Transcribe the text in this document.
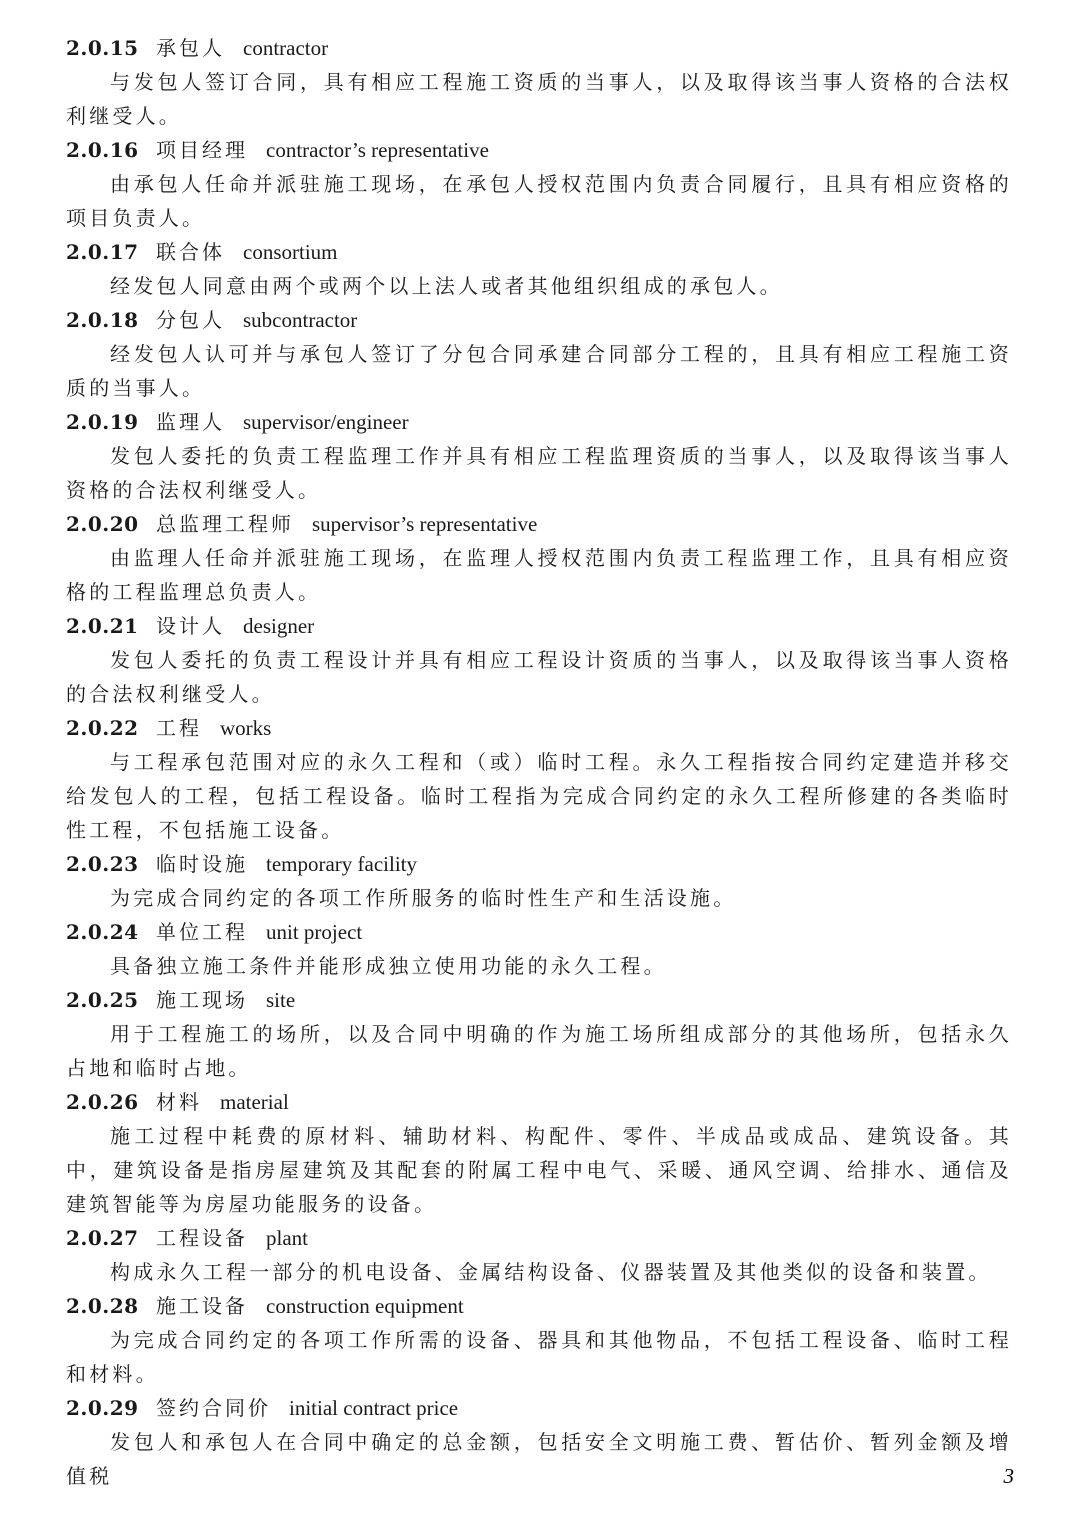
2.0.15 承包人 contractor

与发包人签订合同，具有相应工程施工资质的当事人，以及取得该当事人资格的合法权利继受人。

2.0.16 项目经理 contractor’s representative

由承包人任命并派驻施工现场，在承包人授权范围内负责合同履行，且具有相应资格的项目负责人。

2.0.17 联合体 consortium

经发包人同意由两个或两个以上法人或者其他组织组成的承包人。

2.0.18 分包人 subcontractor

经发包人认可并与承包人签订了分包合同承建合同部分工程的，且具有相应工程施工资质的当事人。

2.0.19 监理人 supervisor/engineer

发包人委托的负责工程监理工作并具有相应工程监理资质的当事人，以及取得该当事人资格的合法权利继受人。

2.0.20 总监理工程师 supervisor’s representative

由监理人任命并派驻施工现场，在监理人授权范围内负责工程监理工作，且具有相应资格的工程监理总负责人。

2.0.21 设计人 designer

发包人委托的负责工程设计并具有相应工程设计资质的当事人，以及取得该当事人资格的合法权利继受人。

2.0.22 工程 works

与工程承包范围对应的永久工程和（或）临时工程。永久工程指按合同约定建造并移交给发包人的工程，包括工程设备。临时工程指为完成合同约定的永久工程所修建的各类临时性工程，不包括施工设备。

2.0.23 临时设施 temporary facility

为完成合同约定的各项工作所服务的临时性生产和生活设施。

2.0.24 单位工程 unit project

具备独立施工条件并能形成独立使用功能的永久工程。

2.0.25 施工现场 site

用于工程施工的场所，以及合同中明确的作为施工场所组成部分的其他场所，包括永久占地和临时占地。

2.0.26 材料 material

施工过程中耗费的原材料、辅助材料、构配件、零件、半成品或成品、建筑设备。其中，建筑设备是指房屋建筑及其配套的附属工程中电气、采暖、通风空调、给排水、通信及建筑智能等为房屋功能服务的设备。

2.0.27 工程设备 plant

构成永久工程一部分的机电设备、金属结构设备、仪器装置及其他类似的设备和装置。

2.0.28 施工设备 construction equipment

为完成合同约定的各项工作所需的设备、器具和其他物品，不包括工程设备、临时工程和材料。

2.0.29 签约合同价 initial contract price

发包人和承包人在合同中确定的总金额，包括安全文明施工费、暂估价、暂列金额及增值税	3
